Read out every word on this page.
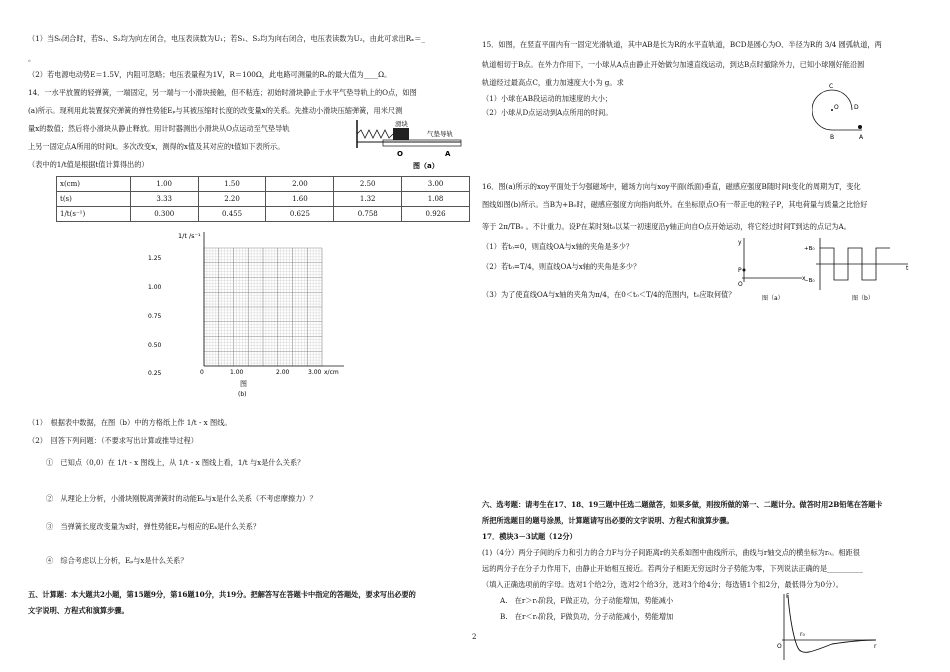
（1）当S₀闭合时，若S₁、S₂均为向左闭合，电压表读数为U₁；若S₁、S₂均为向右闭合，电压表读数为U₂，由此可求出Rₓ＝_
。
（2）若电源电动势E＝1.5V，内阻可忽略；电压表量程为1V，R＝100Ω，此电路可测量的Rₓ的最大值为____Ω。
14．一水平放置的轻弹簧，一端固定，另一端与一小滑块接触，但不粘连；初始时滑块静止于水平气垫导轨上的O点，如图
(a)所示。现利用此装置探究弹簧的弹性势能Eₚ与其被压缩时长度的改变量x的关系。先推动小滑块压缩弹簧，用米尺测
量x的数值；然后将小滑块从静止释放。用计时器测出小滑块从O点运动至气垫导轨
上另一固定点A所用的时间t。多次改变x，测得的x值及其对应的t值如下表所示。
（表中的1/t值是根据t值计算得出的）
滑块
气垫导轨
O	A
图（a）
x(cm)	1.00	1.50	2.00	2.50	3.00
t(s)	3.33	2.20	1.60	1.32	1.08
1/t(s⁻¹)	0.300	0.455	0.625	0.758	0.926
1/t /s⁻¹
1.25
1.00
0.75
0.50
0.25	0	1.00	2.00	3.00 x/cm
图
(b)
（1）　根据表中数据，在图（b）中的方格纸上作 1/t - x 图线。
（2）　回答下列问题：（不要求写出计算或推导过程）
①　已知点（0,0）在 1/t - x 图线上，从 1/t - x 图线上看，1/t 与x是什么关系？
②　从理论上分析，小滑块刚脱离弹簧时的动能Eₖ与x是什么关系（不考虑摩擦力）？
③　当弹簧长度改变量为x时，弹性势能Eₚ与相应的Eₖ是什么关系？
④　综合考虑以上分析，Eₚ与x是什么关系？
五、计算题：本大题共2小题，第15题9分，第16题10分，共19分。把解答写在答题卡中指定的答题处，要求写出必要的
文字说明、方程式和演算步骤。
15．如图，在竖直平面内有一固定光滑轨道，其中AB是长为R的水平直轨道，BCD是圆心为O、半径为R的 3/4 圆弧轨道，两
轨道相切于B点。在外力作用下，一小球从A点由静止开始做匀加速直线运动，到达B点时撤除外力，已知小球刚好能沿圆
轨道经过最高点C，重力加速度大小为 g。求
（1）小球在AB段运动的加速度的大小；
（2）小球从D点运动到A点所用的时间。
C
O	D
B	A
16．图(a)所示的xoy平面处于匀强磁场中，磁场方向与xoy平面(纸面)垂直，磁感应强度B随时间t变化的周期为T，变化
图线如图(b)所示。当B为+B₀时，磁感应强度方向指向纸外。在坐标原点O有一带正电的粒子P，其电荷量与质量之比恰好
等于 2π/TB₀ 。不计重力。设P在某时刻t₀以某一初速度沿y轴正向自O点开始运动，将它经过时间T到达的点记为A。
（1）若t₀=0，则直线OA与x轴的夹角是多少？
（2）若t₀=T/4，则直线OA与x轴的夹角是多少？
（3）为了使直线OA与x轴的夹角为π/4，在0＜t₀＜T/4的范围内，t₀应取何值？
y
x
O
P
+B₀
−B₀
t
图（a）	图（b）
六、选考题：请考生在17、18、19三题中任选二题做答，如果多做，则按所做的第一、二题计分。做答时用2B铅笔在答题卡
所把所选题目的题号涂黑，计算题请写出必要的文字说明、方程式和演算步骤。
17．模块3－3试题（12分）
(1)（4分）两分子间的斥力和引力的合力F与分子间距离r的关系如图中曲线所示，曲线与r轴交点的横坐标为r₀。相距很
远的两分子在分子力作用下，由静止开始相互接近。若两分子相距无穷远时分子势能为零，下列说法正确的是__________
（填入正确选项前的字母。选对1个给2分，选对2个给3分，选对3个给4分；每选错1个扣2分，最低得分为0分）。
A.　在r＞r₀阶段，F做正功，分子动能增加，势能减小
B.　在r＜r₀阶段，F做负功，分子动能减小，势能增加
F
r₀
O	r
2
